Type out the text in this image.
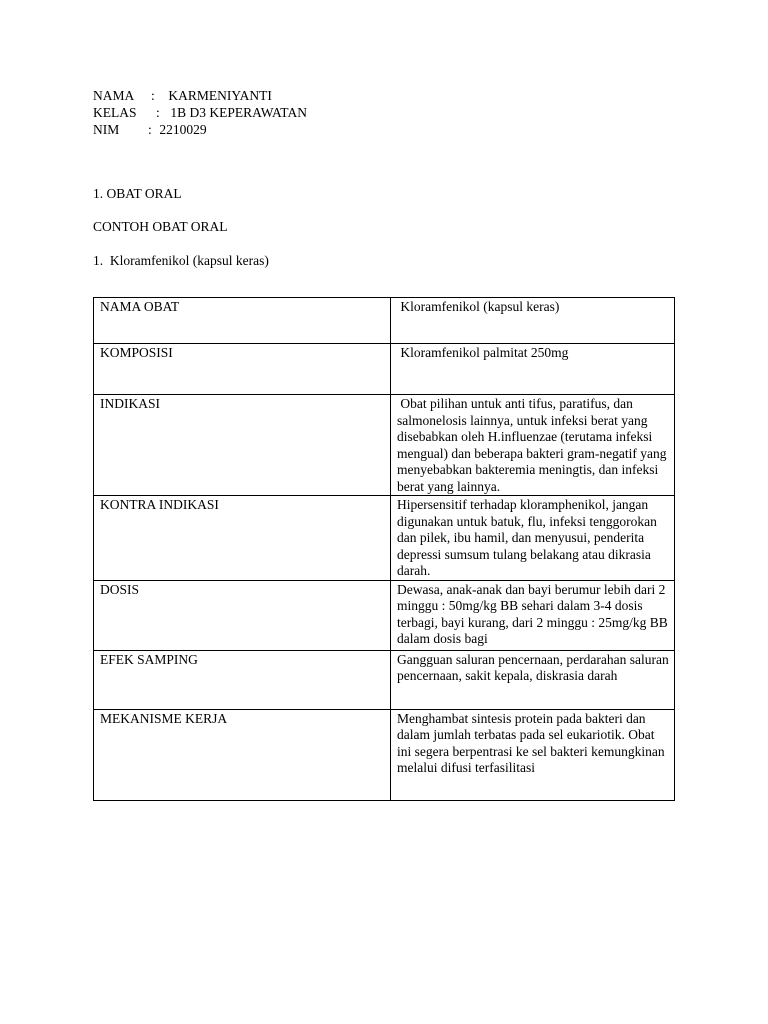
NAMA : KARMENIYANTI
KELAS : 1B D3 KEPERAWATAN
NIM : 2210029
1. OBAT ORAL
CONTOH OBAT ORAL
1.  Kloramfenikol (kapsul keras)
NAMA OBAT	Kloramfenikol (kapsul keras)
KOMPOSISI	Kloramfenikol palmitat 250mg
INDIKASI	Obat pilihan untuk anti tifus, paratifus, dan salmonelosis lainnya, untuk infeksi berat yang disebabkan oleh H.influenzae (terutama infeksi mengual) dan beberapa bakteri gram-negatif yang menyebabkan bakteremia meningtis, dan infeksi berat yang lainnya.
KONTRA INDIKASI	Hipersensitif terhadap kloramphenikol, jangan digunakan untuk batuk, flu, infeksi tenggorokan dan pilek, ibu hamil, dan menyusui, penderita depressi sumsum tulang belakang atau dikrasia darah.
DOSIS	Dewasa, anak-anak dan bayi berumur lebih dari 2 minggu : 50mg/kg BB sehari dalam 3-4 dosis terbagi, bayi kurang, dari 2 minggu : 25mg/kg BB dalam dosis bagi
EFEK SAMPING	Gangguan saluran pencernaan, perdarahan saluran pencernaan, sakit kepala, diskrasia darah
MEKANISME KERJA	Menghambat sintesis protein pada bakteri dan dalam jumlah terbatas pada sel eukariotik. Obat ini segera berpentrasi ke sel bakteri kemungkinan melalui difusi terfasilitasi
